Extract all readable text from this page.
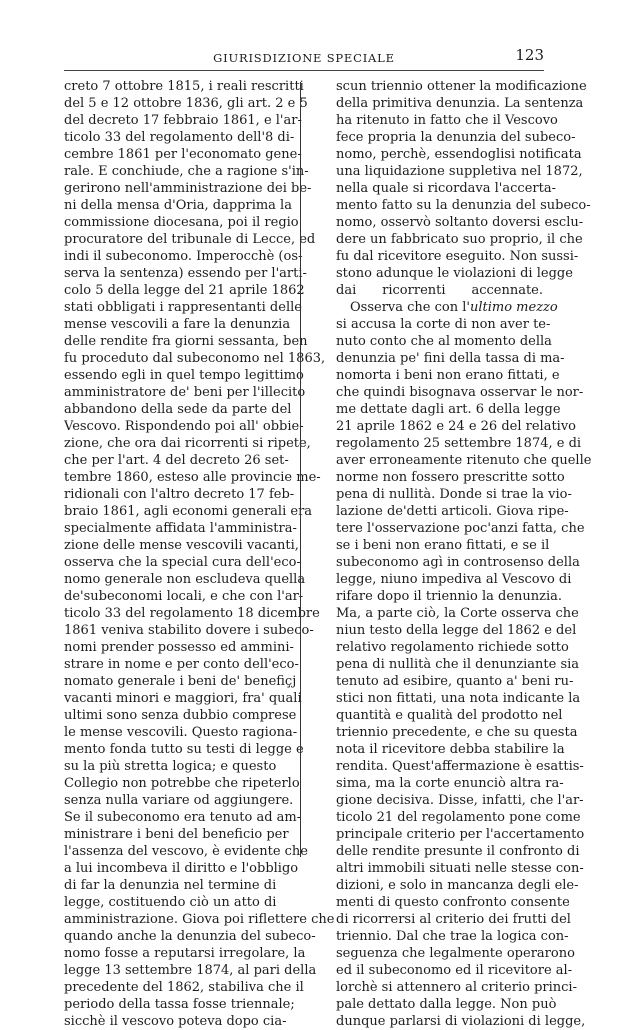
GIURISDIZIONE SPECIALE	123
creto 7 ottobre 1815, i reali rescritti
del 5 e 12 ottobre 1836, gli art. 2 e 5
del decreto 17 febbraio 1861, e l'ar-
ticolo 33 del regolamento dell'8 di-
cembre 1861 per l'economato gene-
rale. E conchiude, che a ragione s'in-
gerirono nell'amministrazione dei be-
ni della mensa d'Oria, dapprima la
commissione diocesana, poi il regio
procuratore del tribunale di Lecce, ed
indi il subeconomo. Imperocchè (os-
serva la sentenza) essendo per l'arti-
colo 5 della legge del 21 aprile 1862
stati obbligati i rappresentanti delle
mense vescovili a fare la denunzia
delle rendite fra giorni sessanta, ben
fu proceduto dal subeconomo nel 1863,
essendo egli in quel tempo legittimo
amministratore de' beni per l'illecito
abbandono della sede da parte del
Vescovo. Rispondendo poi all' obbie-
zione, che ora dai ricorrenti si ripete,
che per l'art. 4 del decreto 26 set-
tembre 1860, esteso alle provincie me-
ridionali con l'altro decreto 17 feb-
braio 1861, agli economi generali era
specialmente affidata l'amministra-
zione delle mense vescovili vacanti,
osserva che la special cura dell'eco-
nomo generale non escludeva quella
de'subeconomi locali, e che con l'ar-
ticolo 33 del regolamento 18 dicembre
1861 veniva stabilito dovere i subeco-
nomi prender possesso ed ammini-
strare in nome e per conto dell'eco-
nomato generale i beni de' benefiçj
vacanti minori e maggiori, fra' quali
ultimi sono senza dubbio comprese
le mense vescovili. Questo ragiona-
mento fonda tutto su testi di legge e
su la più stretta logica; e questo
Collegio non potrebbe che ripeterlo
senza nulla variare od aggiungere.
Se il subeconomo era tenuto ad am-
ministrare i beni del beneficio per
l'assenza del vescovo, è evidente che
a lui incombeva il diritto e l'obbligo
di far la denunzia nel termine di
legge, costituendo ciò un atto di
amministrazione. Giova poi riflettere che
quando anche la denunzia del subeco-
nomo fosse a reputarsi irregolare, la
legge 13 settembre 1874, al pari della
precedente del 1862, stabiliva che il
periodo della tassa fosse triennale;
sicchè il vescovo poteva dopo cia-
scun triennio ottener la modificazione
della primitiva denunzia. La sentenza
ha ritenuto in fatto che il Vescovo
fece propria la denunzia del subeco-
nomo, perchè, essendoglisi notificata
una liquidazione suppletiva nel 1872,
nella quale si ricordava l'accerta-
mento fatto su la denunzia del subeco-
nomo, osservò soltanto doversi esclu-
dere un fabbricato suo proprio, il che
fu dal ricevitore eseguito. Non sussi-
stono adunque le violazioni di legge
dai ricorrenti accennate.
Osserva che con l'ultimo mezzo
si accusa la corte di non aver te-
nuto conto che al momento della
denunzia pe' fini della tassa di ma-
nomorta i beni non erano fittati, e
che quindi bisognava osservar le nor-
me dettate dagli art. 6 della legge
21 aprile 1862 e 24 e 26 del relativo
regolamento 25 settembre 1874, e di
aver erroneamente ritenuto che quelle
norme non fossero prescritte sotto
pena di nullità. Donde si trae la vio-
lazione de'detti articoli. Giova ripe-
tere l'osservazione poc'anzi fatta, che
se i beni non erano fittati, e se il
subeconomo agì in controsenso della
legge, niuno impediva al Vescovo di
rifare dopo il triennio la denunzia.
Ma, a parte ciò, la Corte osserva che
niun testo della legge del 1862 e del
relativo regolamento richiede sotto
pena di nullità che il denunziante sia
tenuto ad esibire, quanto a' beni ru-
stici non fittati, una nota indicante la
quantità e qualità del prodotto nel
triennio precedente, e che su questa
nota il ricevitore debba stabilire la
rendita. Quest'affermazione è esattis-
sima, ma la corte enunciò altra ra-
gione decisiva. Disse, infatti, che l'ar-
ticolo 21 del regolamento pone come
principale criterio per l'accertamento
delle rendite presunte il confronto di
altri immobili situati nelle stesse con-
dizioni, e solo in mancanza degli ele-
menti di questo confronto consente
di ricorrersi al criterio dei frutti del
triennio. Dal che trae la logica con-
seguenza che legalmente operarono
ed il subeconomo ed il ricevitore al-
lorchè si attennero al criterio princi-
pale dettato dalla legge. Non può
dunque parlarsi di violazioni di legge,
